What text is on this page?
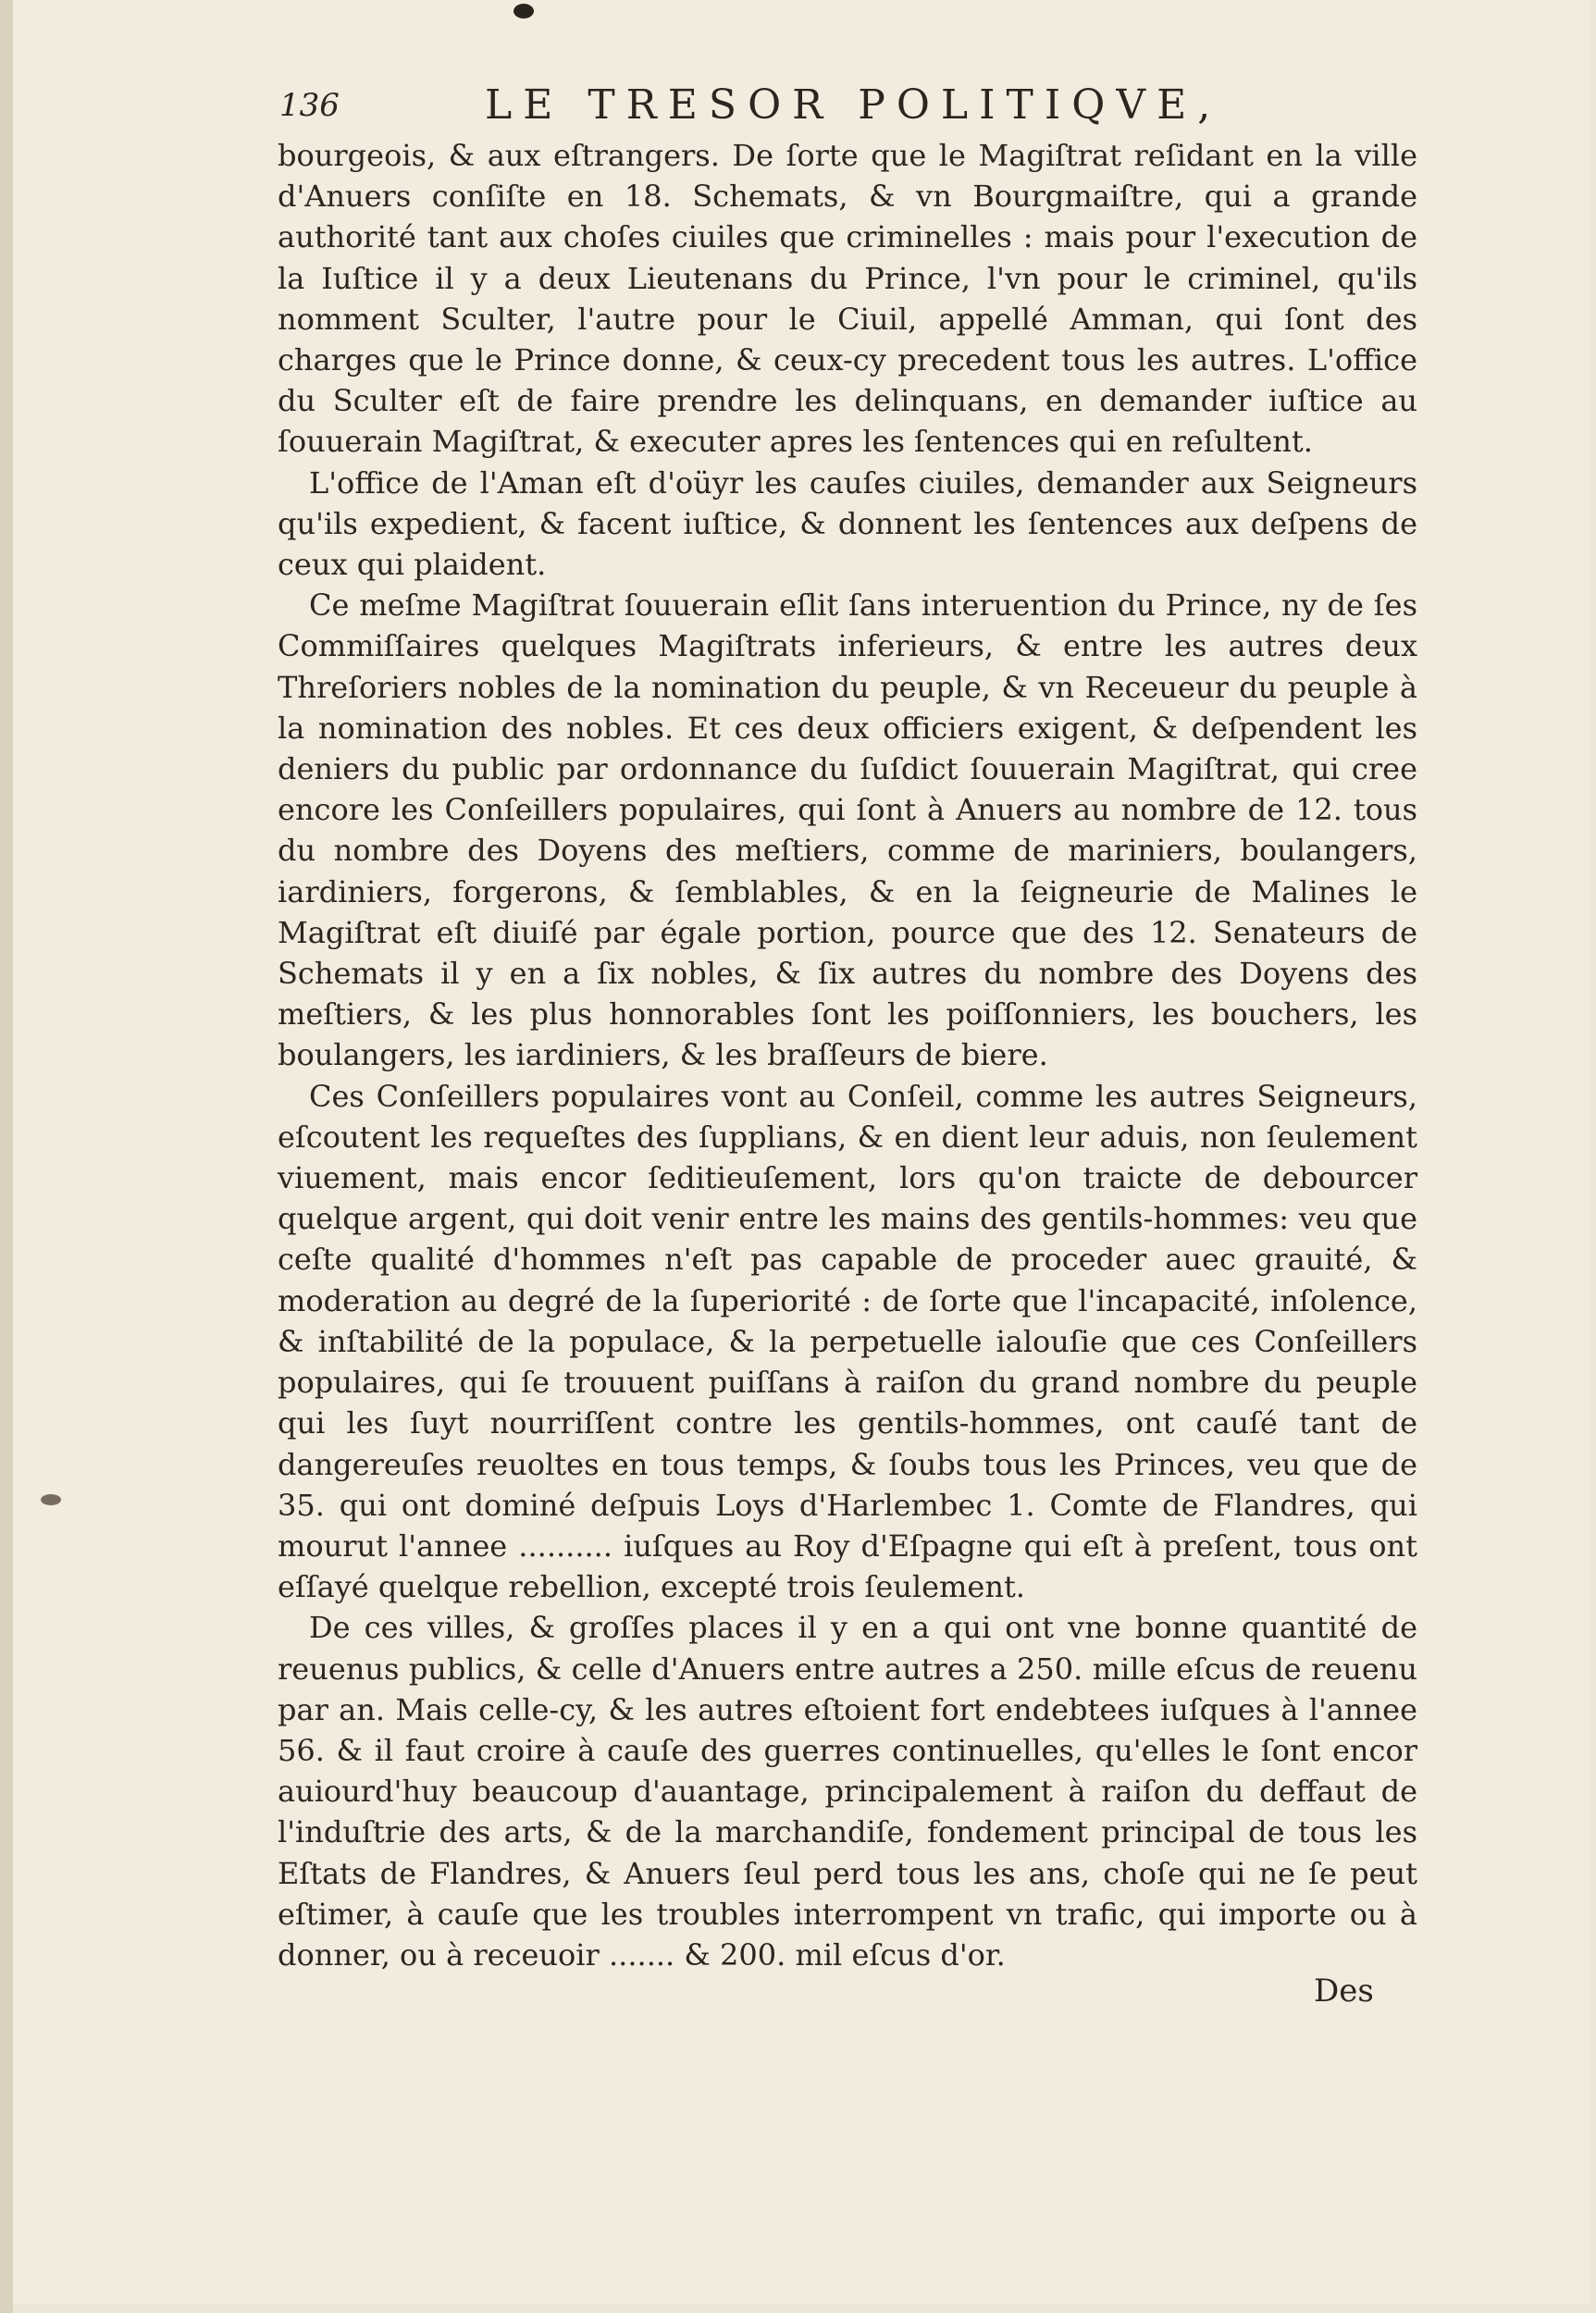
136	LE TRESOR POLITIQVE,

bourgeois, & aux eſtrangers. De ſorte que le Magiſtrat reſidant en la ville d'Anuers conſiſte en 18. Schemats, & vn Bourgmaiſtre, qui a grande authorité tant aux choſes ciuiles que criminelles : mais pour l'execution de la Iuſtice il y a deux Lieutenans du Prince, l'vn pour le criminel, qu'ils nomment Sculter, l'autre pour le Ciuil, appellé Amman, qui ſont des charges que le Prince donne, & ceux-cy precedent tous les autres. L'office du Sculter eſt de faire prendre les delinquans, en demander iuſtice au ſouuerain Magiſtrat, & executer apres les ſentences qui en reſultent.

L'office de l'Aman eſt d'oüyr les cauſes ciuiles, demander aux Seigneurs qu'ils expedient, & facent iuſtice, & donnent les ſentences aux deſpens de ceux qui plaident.

Ce meſme Magiſtrat ſouuerain eſlit ſans interuention du Prince, ny de ſes Commiſſaires quelques Magiſtrats inferieurs, & entre les autres deux Threſoriers nobles de la nomination du peuple, & vn Receueur du peuple à la nomination des nobles. Et ces deux officiers exigent, & deſpendent les deniers du public par ordonnance du ſuſdict ſouuerain Magiſtrat, qui cree encore les Conſeillers populaires, qui ſont à Anuers au nombre de 12. tous du nombre des Doyens des meſtiers, comme de mariniers, boulangers, iardiniers, forgerons, & ſemblables, & en la ſeigneurie de Malines le Magiſtrat eſt diuiſé par égale portion, pource que des 12. Senateurs de Schemats il y en a ſix nobles, & ſix autres du nombre des Doyens des meſtiers, & les plus honnorables ſont les poiſſonniers, les bouchers, les boulangers, les iardiniers, & les braſſeurs de biere.

Ces Conſeillers populaires vont au Conſeil, comme les autres Seigneurs, eſcoutent les requeſtes des ſupplians, & en dient leur aduis, non ſeulement viuement, mais encor ſeditieuſement, lors qu'on traicte de debourcer quelque argent, qui doit venir entre les mains des gentils-hommes: veu que ceſte qualité d'hommes n'eſt pas capable de proceder auec grauité, & moderation au degré de la ſuperiorité : de ſorte que l'incapacité, inſolence, & inſtabilité de la populace, & la perpetuelle ialouſie que ces Conſeillers populaires, qui ſe trouuent puiſſans à raiſon du grand nombre du peuple qui les ſuyt nourriſſent contre les gentils-hommes, ont cauſé tant de dangereuſes reuoltes en tous temps, & ſoubs tous les Princes, veu que de 35. qui ont dominé deſpuis Loys d'Harlembec 1. Comte de Flandres, qui mourut l'annee .......... iuſques au Roy d'Eſpagne qui eſt à preſent, tous ont eſſayé quelque rebellion, excepté trois ſeulement.

De ces villes, & groſſes places il y en a qui ont vne bonne quantité de reuenus publics, & celle d'Anuers entre autres a 250. mille eſcus de reuenu par an. Mais celle-cy, & les autres eſtoient fort endebtees iuſques à l'annee 56. & il faut croire à cauſe des guerres continuelles, qu'elles le ſont encor auiourd'huy beaucoup d'auantage, principalement à raiſon du deffaut de l'induſtrie des arts, & de la marchandiſe, fondement principal de tous les Eſtats de Flandres, & Anuers ſeul perd tous les ans, choſe qui ne ſe peut eſtimer, à cauſe que les troubles interrompent vn trafic, qui importe ou à donner, ou à receuoir ....... & 200. mil eſcus d'or.

Des
